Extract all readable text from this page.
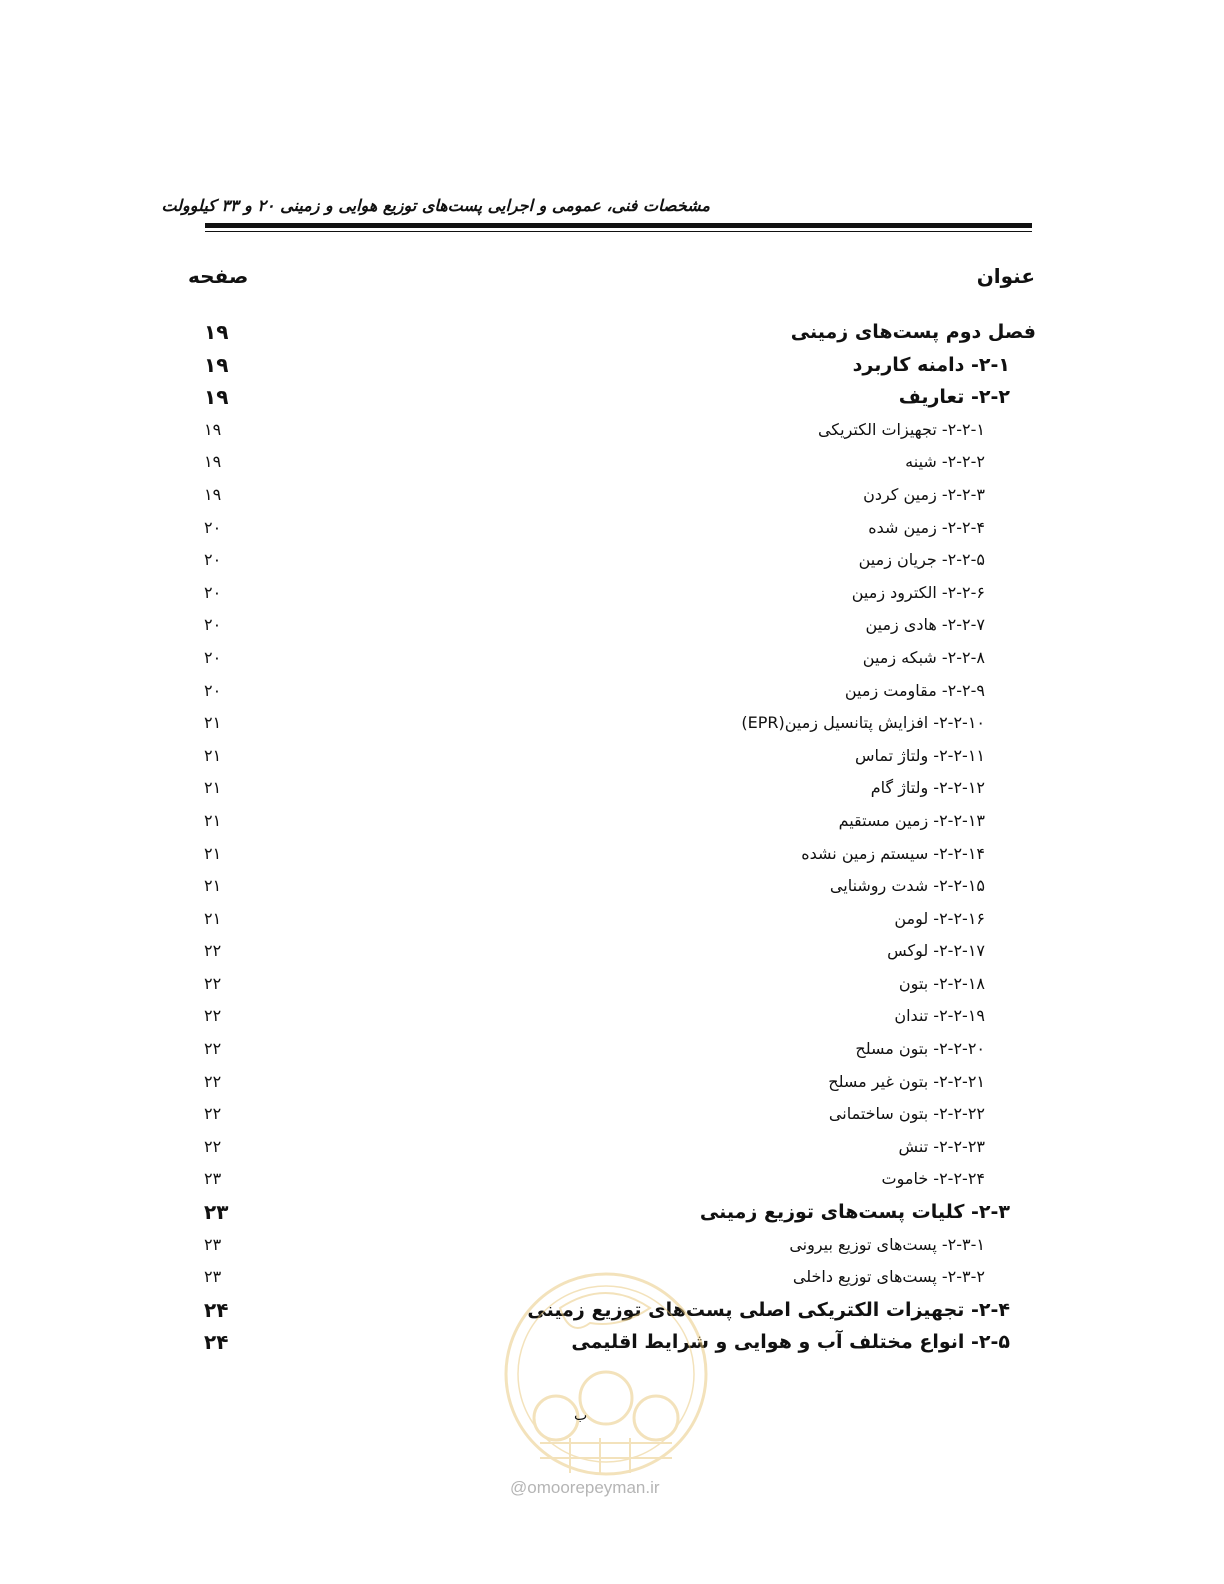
مشخصات فنی، عمومی و اجرایی پست‌های توزیع هوایی و زمینی ۲۰ و ۳۳ کیلوولت
عنوان
صفحه
فصل دوم پست‌های زمینی
۱۹
۲-۱- دامنه کاربرد
۱۹
۲-۲- تعاریف
۱۹
۲-۲-۱- تجهیزات الکتریکی
۱۹
۲-۲-۲- شینه
۱۹
۲-۲-۳- زمین کردن
۱۹
۲-۲-۴- زمین شده
۲۰
۲-۲-۵- جریان زمین
۲۰
۲-۲-۶- الکترود زمین
۲۰
۲-۲-۷- هادی زمین
۲۰
۲-۲-۸- شبکه زمین
۲۰
۲-۲-۹- مقاومت زمین
۲۰
۲-۲-۱۰- افزایش پتانسیل زمین(EPR)
۲۱
۲-۲-۱۱- ولتاژ تماس
۲۱
۲-۲-۱۲- ولتاژ گام
۲۱
۲-۲-۱۳- زمین مستقیم
۲۱
۲-۲-۱۴- سیستم زمین نشده
۲۱
۲-۲-۱۵- شدت روشنایی
۲۱
۲-۲-۱۶- لومن
۲۱
۲-۲-۱۷- لوکس
۲۲
۲-۲-۱۸- بتون
۲۲
۲-۲-۱۹- تندان
۲۲
۲-۲-۲۰- بتون مسلح
۲۲
۲-۲-۲۱- بتون غیر مسلح
۲۲
۲-۲-۲۲- بتون ساختمانی
۲۲
۲-۲-۲۳- تنش
۲۲
۲-۲-۲۴- خاموت
۲۳
۲-۳- کلیات پست‌های توزیع زمینی
۲۳
۲-۳-۱- پست‌های توزیع بیرونی
۲۳
۲-۳-۲- پست‌های توزیع داخلی
۲۳
۲-۴- تجهیزات الکتریکی اصلی پست‌های توزیع زمینی
۲۴
۲-۵- انواع مختلف آب و هوایی و شرایط اقلیمی
۲۴
ب
@omoorepeyman.ir
